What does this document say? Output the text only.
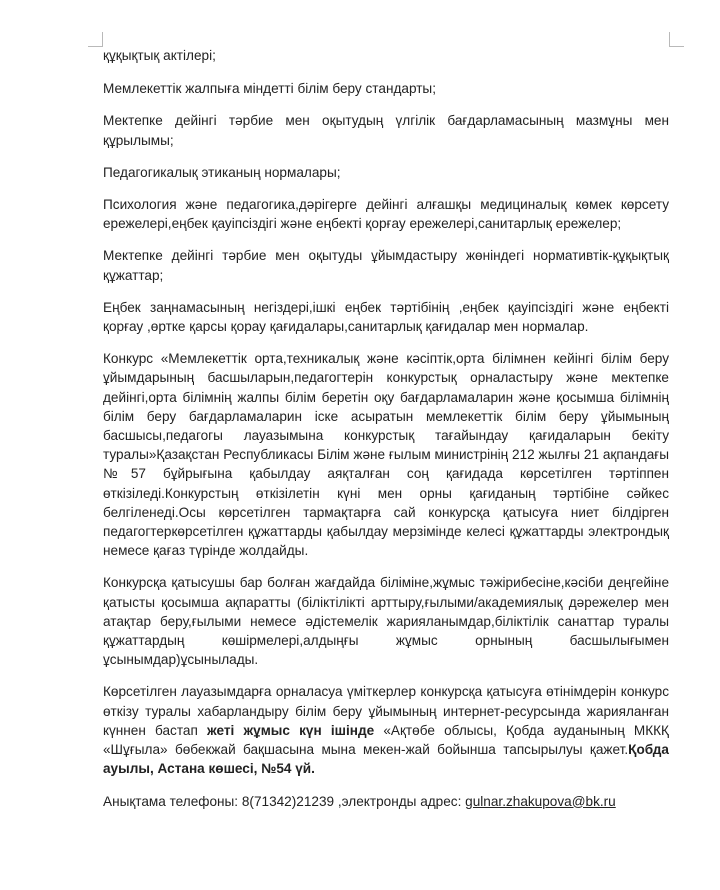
құқықтық актілері;

Мемлекеттік жалпыға міндетті білім беру стандарты;

Мектепке дейінгі тәрбие мен оқытудың үлгілік бағдарламасының мазмұны мен құрылымы;

Педагогикалық этиканың нормалары;

Психология және педагогика,дәрігерге дейінгі алғашқы медициналық көмек көрсету ережелері,еңбек қауіпсіздігі және еңбекті қорғау ережелері,санитарлық ережелер;

Мектепке дейінгі тәрбие мен оқытуды ұйымдастыру жөніндегі нормативтік-құқықтық құжаттар;

Еңбек заңнамасының негіздері,ішкі еңбек тәртібінің ,еңбек қауіпсіздігі және еңбекті қорғау ,өртке қарсы қорау қағидалары,санитарлық қағидалар мен нормалар.

Конкурс «Мемлекеттік орта,техникалық және кәсіптік,орта білімнен кейінгі білім беру ұйымдарының басшыларын,педагогтерін конкурстық орналастыру және мектепке дейінгі,орта білімнің жалпы білім беретін оқу бағдарламаларин және қосымша білімнің білім беру бағдарламаларин іске асыратын мемлекеттік білім беру ұйымының басшысы,педагогы лауазымына конкурстық тағайындау қағидаларын бекіту туралы»Қазақстан Республикасы Білім және ғылым министрінің 212 жылғы 21 ақпандағы №57 бұйрығына қабылдау аяқталған соң қағидада көрсетілген тәртіппен өткізіледі.Конкурстың өткізілетін күні мен орны қағиданың тәртібіне сәйкес белгіленеді.Осы көрсетілген тармақтарға сай конкурсқа қатысуға ниет білдірген педагогтеркөрсетілген құжаттарды қабылдау мерзімінде келесі құжаттарды электрондық немесе қағаз түрінде жолдайды.

Конкурсқа қатысушы бар болған жағдайда біліміне,жұмыс тәжірибесіне,кәсіби деңгейіне қатысты қосымша ақпаратты (біліктілікті арттыру,ғылыми/академиялық дәрежелер мен атақтар беру,ғылыми немесе әдістемелік жарияланымдар,біліктілік санаттар туралы құжаттардың көшірмелері,алдыңғы жұмыс орнының басшылығымен ұсынымдар)ұсынылады.

Көрсетілген лауазымдарға орналасуа үміткерлер конкурсқа қатысуға өтінімдерін конкурс өткізу туралы хабарландыру білім беру ұйымының интернет-ресурсында жарияланған күннен бастап жеті жұмыс күн ішінде «Ақтөбе облысы, Қобда ауданының МККҚ «Шұғыла» бөбекжай бақшасына мына мекен-жай бойынша тапсырылуы қажет.Қобда ауылы, Астана көшесі, №54 үй.

Анықтама телефоны: 8(71342)21239 ,электронды адрес: gulnar.zhakupova@bk.ru
